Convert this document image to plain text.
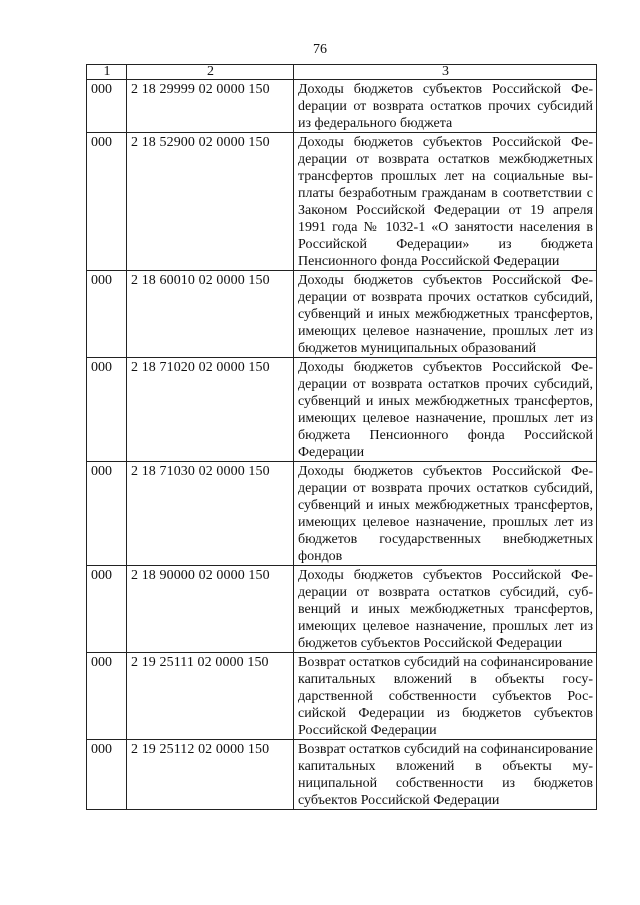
76
1	2	3
000	2 18 29999 02 0000 150	Доходы бюджетов субъектов Российской Феdерации от возврата остатков прочих субсидий из федерального бюджета
000	2 18 52900 02 0000 150	Доходы бюджетов субъектов Российской Федерации от возврата остатков межбюджетных трансфертов прошлых лет на социальные выплаты безработным гражданам в соответствии с Законом Российской Федерации от 19 апреля 1991 года № 1032-1 «О занятости населения в Российской Федерации» из бюджета Пенсионного фонда Российской Федерации
000	2 18 60010 02 0000 150	Доходы бюджетов субъектов Российской Федерации от возврата прочих остатков субсидий, субвенций и иных межбюджетных трансфертов, имеющих целевое назначение, прошлых лет из бюджетов муниципальных образований
000	2 18 71020 02 0000 150	Доходы бюджетов субъектов Российской Федерации от возврата остатков прочих субсидий, субвенций и иных межбюджетных трансфертов, имеющих целевое назначение, прошлых лет из бюджета Пенсионного фонда Российской Федерации
000	2 18 71030 02 0000 150	Доходы бюджетов субъектов Российской Федерации от возврата прочих остатков субсидий, субвенций и иных межбюджетных трансфертов, имеющих целевое назначение, прошлых лет из бюджетов государственных внебюджетных фондов
000	2 18 90000 02 0000 150	Доходы бюджетов субъектов Российской Федерации от возврата остатков субсидий, субвенций и иных межбюджетных трансфертов, имеющих целевое назначение, прошлых лет из бюджетов субъектов Российской Федерации
000	2 19 25111 02 0000 150	Возврат остатков субсидий на софинансирование капитальных вложений в объекты государственной собственности субъектов Российской Федерации из бюджетов субъектов Российской Федерации
000	2 19 25112 02 0000 150	Возврат остатков субсидий на софинансирование капитальных вложений в объекты муниципальной собственности из бюджетов субъектов Российской Федерации
